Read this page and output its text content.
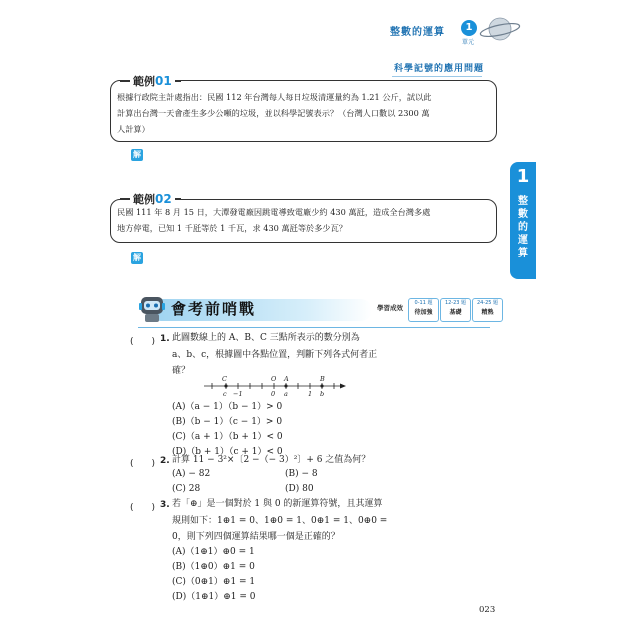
整數的運算	1
單元
科學記號的應用問題
範例01
根據行政院主計處指出：民國 112 年台灣每人每日垃圾清運量約為 1.21 公斤，試以此
計算出台灣一天會產生多少公噸的垃圾，並以科學記號表示？（台灣人口數以 2300 萬
人計算）
解
範例02
民國 111 年 8 月 15 日，大潭發電廠因跳電導致電廠少約 430 萬瓩，造成全台灣多處
地方停電，已知 1 千瓩等於 1 千瓦，求 430 萬瓩等於多少瓦？
解
1
整
數
的
運
算
會考前哨戰	學習成效
0-11 題
待加強
12-23 題
基礎
24-25 題
精熟
(　　) 1. 此圖數線上的 A、B、C 三點所表示的數分別為
a、b、c，根據圖中各點位置，判斷下列各式何者正
確？
C	O A	B
c −1	0 a	1 b
(A)（a − 1）（b − 1）> 0
(B)（b − 1）（c − 1）> 0
(C)（a + 1）（b + 1）< 0
(D)（b + 1）（c + 1）< 0
(　　) 2. 計算 11 − 3²×〔2 −（− 3）²〕+ 6 之值為何？
(A) − 82	(B) − 8
(C) 28	(D) 80
(　　) 3. 若「⊕」是一個對於 1 與 0 的新運算符號，且其運算
規則如下：1⊕1 = 0、1⊕0 = 1、0⊕1 = 1、0⊕0 =
0，則下列四個運算結果哪一個是正確的？
(A)（1⊕1）⊕0 = 1
(B)（1⊕0）⊕1 = 0
(C)（0⊕1）⊕1 = 1
(D)（1⊕1）⊕1 = 0
023
